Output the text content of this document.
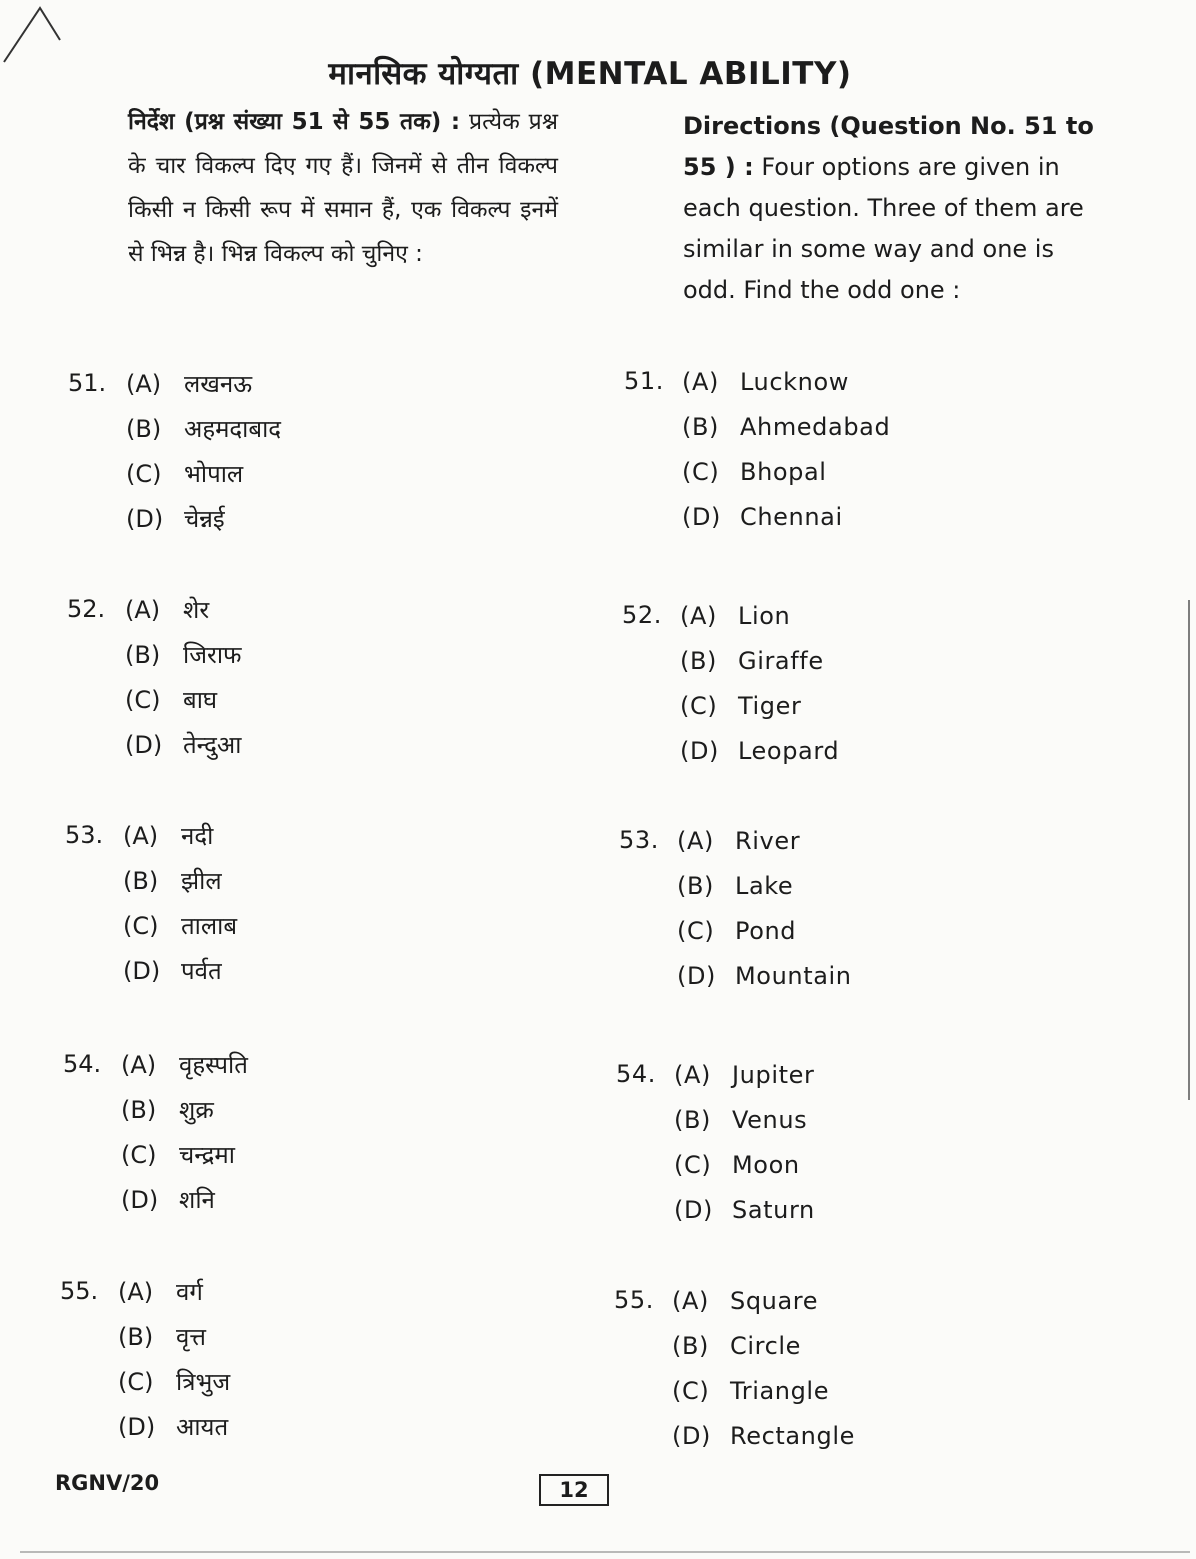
मानसिक योग्यता (MENTAL ABILITY)
निर्देश (प्रश्न संख्या 51 से 55 तक) : प्रत्येक प्रश्न के चार विकल्प दिए गए हैं। जिनमें से तीन विकल्प किसी न किसी रूप में समान हैं, एक विकल्प इनमें से भिन्न है। भिन्न विकल्प को चुनिए :
Directions (Question No. 51 to 55 ) : Four options are given in each question. Three of them are similar in some way and one is odd. Find the odd one :
51. (A) लखनऊ
(B) अहमदाबाद
(C) भोपाल
(D) चेन्नई
52. (A) शेर
(B) जिराफ
(C) बाघ
(D) तेन्दुआ
53. (A) नदी
(B) झील
(C) तालाब
(D) पर्वत
54. (A) वृहस्पति
(B) शुक्र
(C) चन्द्रमा
(D) शनि
55. (A) वर्ग
(B) वृत्त
(C) त्रिभुज
(D) आयत
51. (A) Lucknow
(B) Ahmedabad
(C) Bhopal
(D) Chennai
52. (A) Lion
(B) Giraffe
(C) Tiger
(D) Leopard
53. (A) River
(B) Lake
(C) Pond
(D) Mountain
54. (A) Jupiter
(B) Venus
(C) Moon
(D) Saturn
55. (A) Square
(B) Circle
(C) Triangle
(D) Rectangle
RGNV/20	12
